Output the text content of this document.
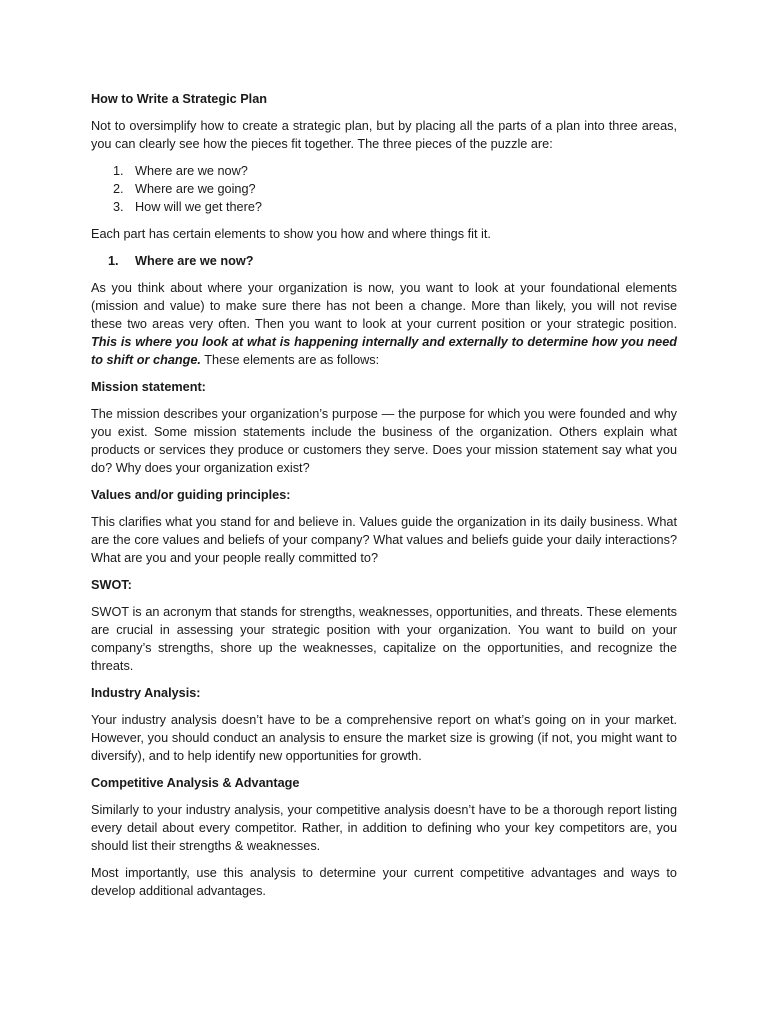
How to Write a Strategic Plan

Not to oversimplify how to create a strategic plan, but by placing all the parts of a plan into three areas, you can clearly see how the pieces fit together. The three pieces of the puzzle are:

1. Where are we now?
2. Where are we going?
3. How will we get there?

Each part has certain elements to show you how and where things fit it.

1. Where are we now?

As you think about where your organization is now, you want to look at your foundational elements (mission and value) to make sure there has not been a change. More than likely, you will not revise these two areas very often. Then you want to look at your current position or your strategic position. This is where you look at what is happening internally and externally to determine how you need to shift or change. These elements are as follows:

Mission statement:

The mission describes your organization’s purpose — the purpose for which you were founded and why you exist. Some mission statements include the business of the organization. Others explain what products or services they produce or customers they serve. Does your mission statement say what you do? Why does your organization exist?

Values and/or guiding principles:

This clarifies what you stand for and believe in. Values guide the organization in its daily business. What are the core values and beliefs of your company? What values and beliefs guide your daily interactions? What are you and your people really committed to?

SWOT:

SWOT is an acronym that stands for strengths, weaknesses, opportunities, and threats. These elements are crucial in assessing your strategic position with your organization. You want to build on your company’s strengths, shore up the weaknesses, capitalize on the opportunities, and recognize the threats.

Industry Analysis:

Your industry analysis doesn’t have to be a comprehensive report on what’s going on in your market. However, you should conduct an analysis to ensure the market size is growing (if not, you might want to diversify), and to help identify new opportunities for growth.

Competitive Analysis & Advantage

Similarly to your industry analysis, your competitive analysis doesn’t have to be a thorough report listing every detail about every competitor. Rather, in addition to defining who your key competitors are, you should list their strengths & weaknesses.

Most importantly, use this analysis to determine your current competitive advantages and ways to develop additional advantages.
